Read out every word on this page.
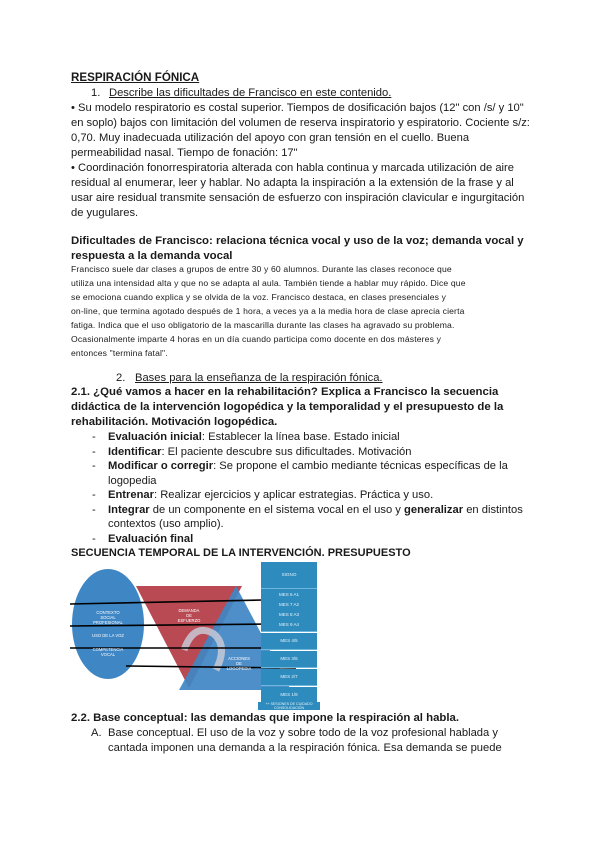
RESPIRACIÓN FÓNICA
1. Describe las dificultades de Francisco en este contenido.
• Su modelo respiratorio es costal superior. Tiempos de dosificación bajos (12" con /s/ y 10"
en soplo) bajos con limitación del volumen de reserva inspiratorio y espiratorio. Cociente s/z:
0,70. Muy inadecuada utilización del apoyo con gran tensión en el cuello. Buena
permeabilidad nasal. Tiempo de fonación: 17"
• Coordinación fonorrespiratoria alterada con habla continua y marcada utilización de aire
residual al enumerar, leer y hablar. No adapta la inspiración a la extensión de la frase y al
usar aire residual transmite sensación de esfuerzo con inspiración clavicular e ingurgitación
de yugulares.
Dificultades de Francisco: relaciona técnica vocal y uso de la voz; demanda vocal y
respuesta a la demanda vocal
Francisco suele dar clases a grupos de entre 30 y 60 alumnos. Durante las clases reconoce que
utiliza una intensidad alta y que no se adapta al aula. También tiende a hablar muy rápido. Dice que
se emociona cuando explica y se olvida de la voz. Francisco destaca, en clases presenciales y
on-line, que termina agotado después de 1 hora, a veces ya a la media hora de clase aprecia cierta
fatiga. Indica que el uso obligatorio de la mascarilla durante las clases ha agravado su problema.
Ocasionalmente imparte 4 horas en un día cuando participa como docente en dos másteres y
entonces "termina fatal".
2. Bases para la enseñanza de la respiración fónica.
2.1. ¿Qué vamos a hacer en la rehabilitación? Explica a Francisco la secuencia
didáctica de la intervención logopédica y la temporalidad y el presupuesto de la
rehabilitación. Motivación logopédica.
- Evaluación inicial: Establecer la línea base. Estado inicial
- Identificar: El paciente descubre sus dificultades. Motivación
- Modificar o corregir: Se propone el cambio mediante técnicas específicas de la
logopedia
- Entrenar: Realizar ejercicios y aplicar estrategias. Práctica y uso.
- Integrar de un componente en el sistema vocal en el uso y generalizar en distintos
contextos (uso amplio).
- Evaluación final
SECUENCIA TEMPORAL DE LA INTERVENCIÓN. PRESUPUESTO
CONTEXTO
SOCIAL
PROFESIONAL
USO DE LA VOZ
COMPETENCIA
VOCAL
DEMANDA
DE
ESFUERZO
ACCIONES
DE
LOGOPEDIA
SIGNO
MES 6 A1
MES 7 A2
MES 8 A3
MES 9 A4
MES 4/5
MES 3/6
MES 2/7
MES 1/8
++ SESIONES DE CUIDADO
CONSOLIDACIÓN
2.2. Base conceptual: las demandas que impone la respiración al habla.
A. Base conceptual. El uso de la voz y sobre todo de la voz profesional hablada y
cantada imponen una demanda a la respiración fónica. Esa demanda se puede
